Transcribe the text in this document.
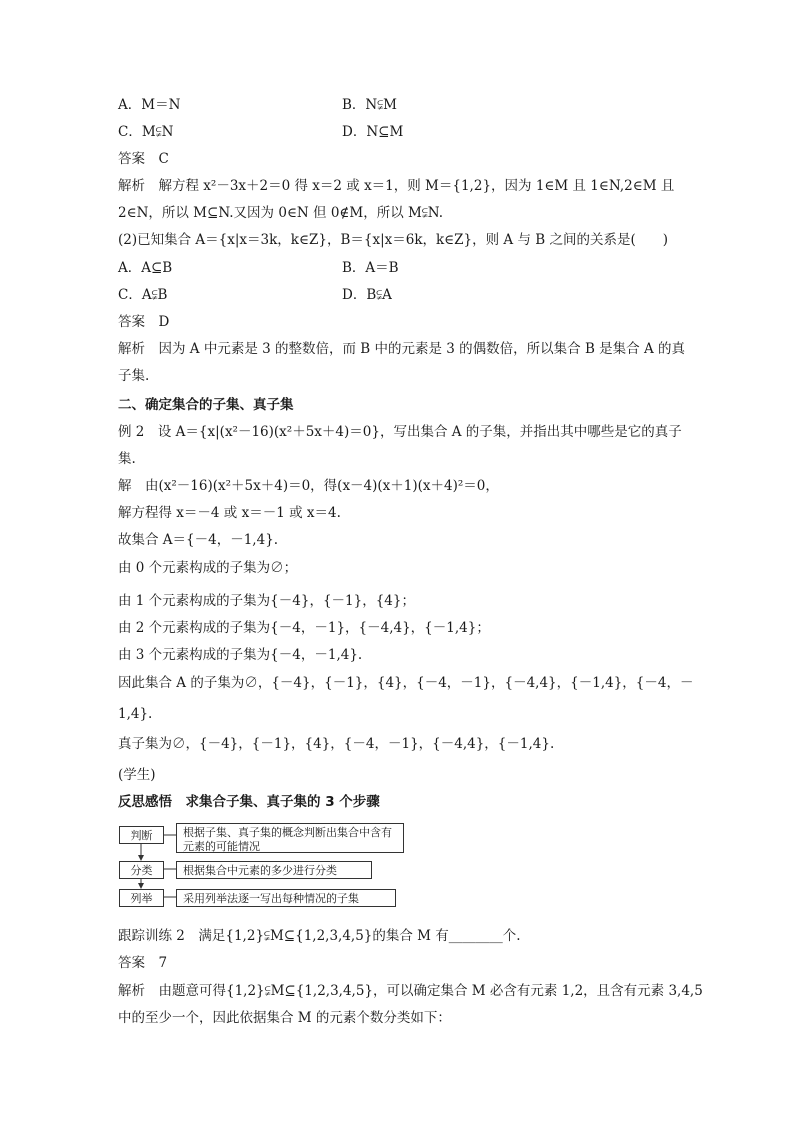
A．M＝N	B．N⫋M
C．M⫋N	D．N⊆M
答案　C
解析　解方程 x²－3x＋2＝0 得 x＝2 或 x＝1，则 M＝{1,2}，因为 1∈M 且 1∈N,2∈M 且
2∈N，所以 M⊆N.又因为 0∈N 但 0∉M，所以 M⫋N.
(2)已知集合 A＝{x|x＝3k，k∈Z}，B＝{x|x＝6k，k∈Z}，则 A 与 B 之间的关系是(　　)
A．A⊆B	B．A＝B
C．A⫋B	D．B⫋A
答案　D
解析　因为 A 中元素是 3 的整数倍，而 B 中的元素是 3 的偶数倍，所以集合 B 是集合 A 的真
子集.
二、确定集合的子集、真子集
例 2　设 A＝{x|(x²－16)(x²＋5x＋4)＝0}，写出集合 A 的子集，并指出其中哪些是它的真子
集.
解　由(x²－16)(x²＋5x＋4)＝0，得(x－4)(x＋1)(x＋4)²＝0，
解方程得 x＝－4 或 x＝－1 或 x＝4.
故集合 A＝{－4，－1,4}.
由 0 个元素构成的子集为∅；
由 1 个元素构成的子集为{－4}，{－1}，{4}；
由 2 个元素构成的子集为{－4，－1}，{－4,4}，{－1,4}；
由 3 个元素构成的子集为{－4，－1,4}.
因此集合 A 的子集为∅，{－4}，{－1}，{4}，{－4，－1}，{－4,4}，{－1,4}，{－4，－
1,4}.
真子集为∅，{－4}，{－1}，{4}，{－4，－1}，{－4,4}，{－1,4}.
(学生)
反思感悟　求集合子集、真子集的 3 个步骤
判断	根据子集、真子集的概念判断出集合中含有元素的可能情况
分类	根据集合中元素的多少进行分类
列举	采用列举法逐一写出每种情况的子集
跟踪训练 2　满足{1,2}⫋M⊆{1,2,3,4,5}的集合 M 有________个.
答案　7
解析　由题意可得{1,2}⫋M⊆{1,2,3,4,5}，可以确定集合 M 必含有元素 1,2，且含有元素 3,4,5
中的至少一个，因此依据集合 M 的元素个数分类如下：
